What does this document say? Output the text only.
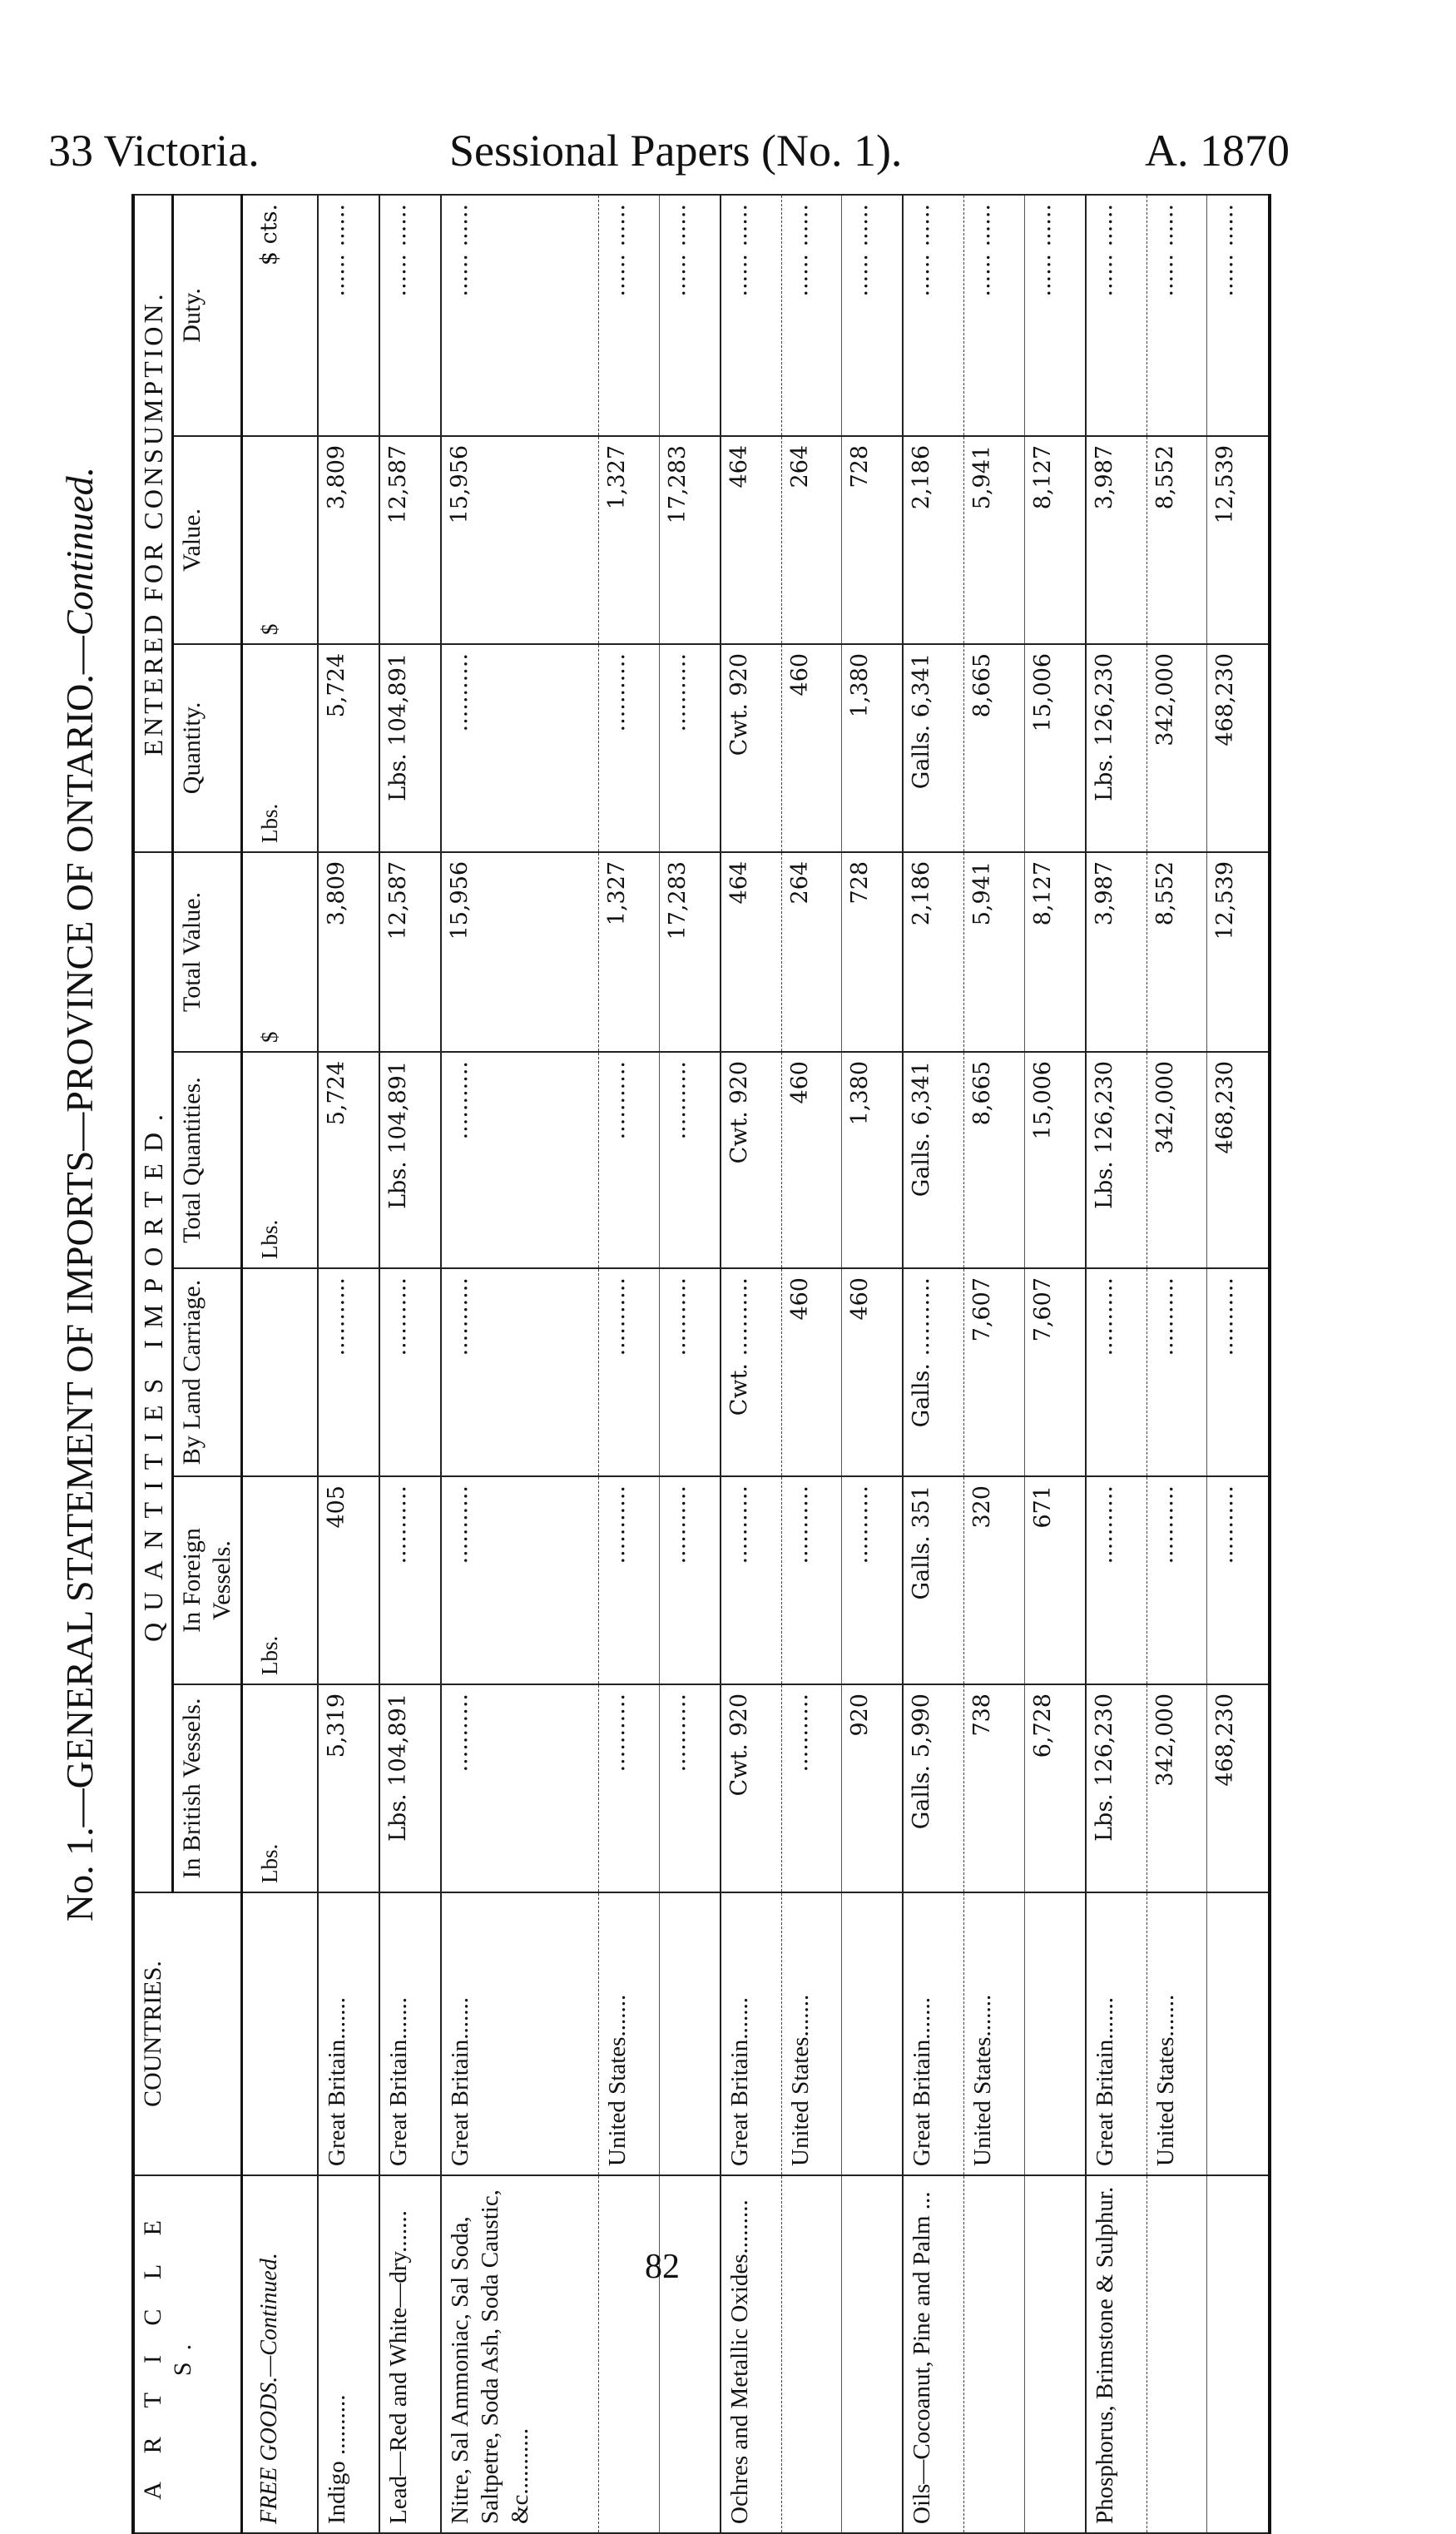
33 Victoria.	Sessional Papers (No. 1).	A. 1870
No. 1.—GENERAL STATEMENT OF IMPORTS—PROVINCE OF ONTARIO.—Continued.
A R T I C L E S.	COUNTRIES.	QUANTITIES IMPORTED.					ENTERED FOR CONSUMPTION.		
		In British Vessels.	In Foreign Vessels.	By Land Carriage.	Total Quantities.	Total Value.	Quantity.	Value.	Duty.
FREE GOODS.—Continued.		Lbs.	Lbs.		Lbs.	$	Lbs.	$	$ cts.
Indigo ..........	Great Britain.......	5,319	405	...........	5,724	3,809	5,724	3,809	...... ......
Lead—Red and White—dry.......	Great Britain.......	Lbs. 104,891	...........	...........	Lbs. 104,891	12,587	Lbs. 104,891	12,587	...... ......
Nitre, Sal Ammoniac, Sal Soda, Saltpetre, Soda Ash, Soda Caustic, &c...........	Great Britain.......	...........	...........	...........	...........	15,956	...........	15,956	...... ......
	United States.......	...........	...........	...........	...........	1,327	...........	1,327	...... ......
		...........	...........	...........	...........	17,283	...........	17,283	...... ......
Ochres and Metallic Oxides.........	Great Britain.......	Cwt. 920	...........	Cwt. ...........	Cwt. 920	464	Cwt. 920	464	...... ......
	United States.......	...........	...........	460	460	264	460	264	...... ......
		920	...........	460	1,380	728	1,380	728	...... ......
Oils—Cocoanut, Pine and Palm ...	Great Britain.......	Galls. 5,990	Galls. 351	Galls. ...........	Galls. 6,341	2,186	Galls. 6,341	2,186	...... ......
	United States.......	738	320	7,607	8,665	5,941	8,665	5,941	...... ......
		6,728	671	7,607	15,006	8,127	15,006	8,127	...... ......
Phosphorus, Brimstone & Sulphur.	Great Britain.......	Lbs. 126,230	...........	...........	Lbs. 126,230	3,987	Lbs. 126,230	3,987	...... ......
	United States.......	342,000	...........	...........	342,000	8,552	342,000	8,552	...... ......
		468,230	...........	...........	468,230	12,539	468,230	12,539	...... ......
82
